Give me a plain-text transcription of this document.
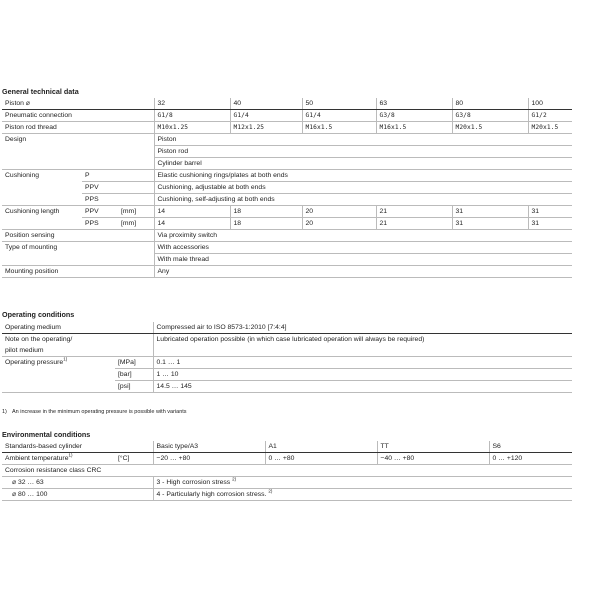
General technical data
Piston ⌀			32	40	50	63	80	100
Pneumatic connection			G1/8	G1/4	G1/4	G3/8	G3/8	G1/2
Piston rod thread			M10x1.25	M12x1.25	M16x1.5	M16x1.5	M20x1.5	M20x1.5
Design			Piston					
			Piston rod					
			Cylinder barrel					
Cushioning	P		Elastic cushioning rings/plates at both ends					
	PPV		Cushioning, adjustable at both ends					
	PPS		Cushioning, self-adjusting at both ends					
Cushioning length	PPV	[mm]	14	18	20	21	31	31
	PPS	[mm]	14	18	20	21	31	31
Position sensing			Via proximity switch					
Type of mounting			With accessories					
			With male thread					
Mounting position			Any					
Operating conditions
Operating medium		Compressed air to ISO 8573-1:2010 [7:4:4]
Note on the operating/
pilot medium		Lubricated operation possible (in which case lubricated operation will always be required)
Operating pressure$^{1)}$	[MPa]	0.1 … 1
	[bar]	1 … 10
	[psi]	14.5 … 145
1) An increase in the minimum operating pressure is possible with variants
Environmental conditions
Standards-based cylinder		Basic type/A3	A1	TT	S6
Ambient temperature$^{1)}$	[°C]	−20 … +80	0 … +80	−40 … +80	0 … +120
Corrosion resistance class CRC					
⌀ 32 … 63		3 - High corrosion stress $^{2)}$
⌀ 80 … 100		4 - Particularly high corrosion stress. $^{2)}$
